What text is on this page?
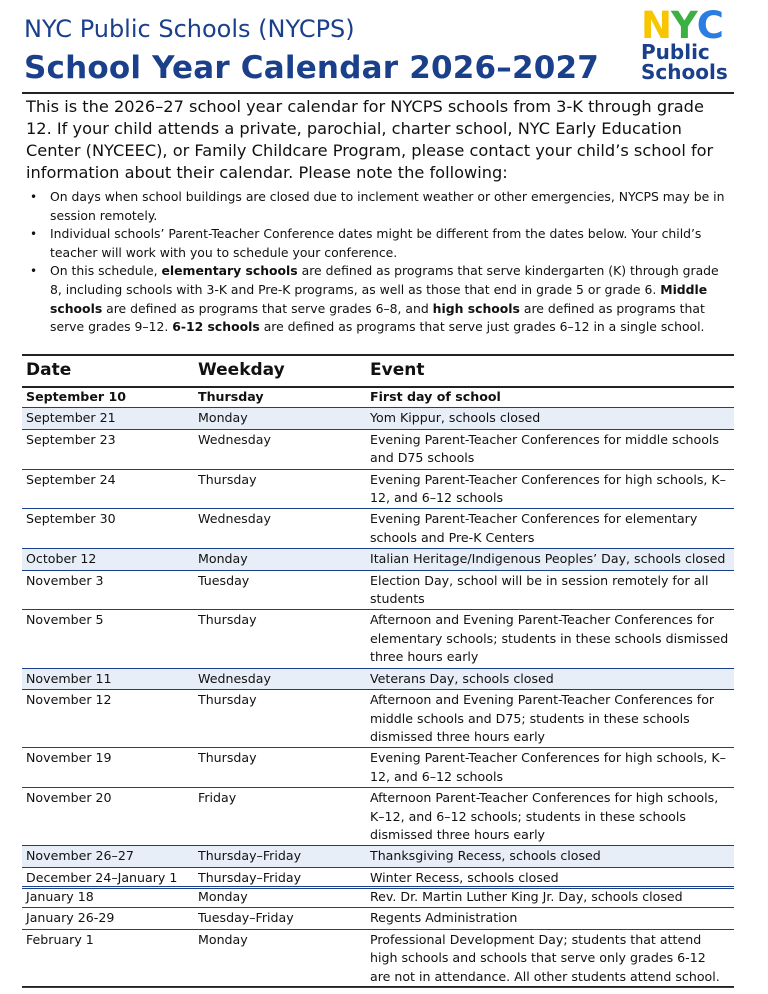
NYC Public Schools (NYCPS)
School Year Calendar 2026–2027
NYC
Public
Schools
This is the 2026–27 school year calendar for NYCPS schools from 3-K through grade 12. If your child attends a private, parochial, charter school, NYC Early Education Center (NYCEEC), or Family Childcare Program, please contact your child’s school for information about their calendar. Please note the following:
• On days when school buildings are closed due to inclement weather or other emergencies, NYCPS may be in session remotely.
• Individual schools’ Parent-Teacher Conference dates might be different from the dates below. Your child’s teacher will work with you to schedule your conference.
• On this schedule, elementary schools are defined as programs that serve kindergarten (K) through grade 8, including schools with 3-K and Pre-K programs, as well as those that end in grade 5 or grade 6. Middle schools are defined as programs that serve grades 6–8, and high schools are defined as programs that serve grades 9–12. 6-12 schools are defined as programs that serve just grades 6–12 in a single school.
Date	Weekday	Event
September 10	Thursday	First day of school
September 21	Monday	Yom Kippur, schools closed
September 23	Wednesday	Evening Parent-Teacher Conferences for middle schools and D75 schools
September 24	Thursday	Evening Parent-Teacher Conferences for high schools, K–12, and 6–12 schools
September 30	Wednesday	Evening Parent-Teacher Conferences for elementary schools and Pre-K Centers
October 12	Monday	Italian Heritage/Indigenous Peoples’ Day, schools closed
November 3	Tuesday	Election Day, school will be in session remotely for all students
November 5	Thursday	Afternoon and Evening Parent-Teacher Conferences for elementary schools; students in these schools dismissed three hours early
November 11	Wednesday	Veterans Day, schools closed
November 12	Thursday	Afternoon and Evening Parent-Teacher Conferences for middle schools and D75; students in these schools dismissed three hours early
November 19	Thursday	Evening Parent-Teacher Conferences for high schools, K–12, and 6–12 schools
November 20	Friday	Afternoon Parent-Teacher Conferences for high schools, K–12, and 6–12 schools; students in these schools dismissed three hours early
November 26–27	Thursday–Friday	Thanksgiving Recess, schools closed
December 24–January 1	Thursday–Friday	Winter Recess, schools closed
January 18	Monday	Rev. Dr. Martin Luther King Jr. Day, schools closed
January 26-29	Tuesday–Friday	Regents Administration
February 1	Monday	Professional Development Day; students that attend high schools and schools that serve only grades 6-12 are not in attendance. All other students attend school.
